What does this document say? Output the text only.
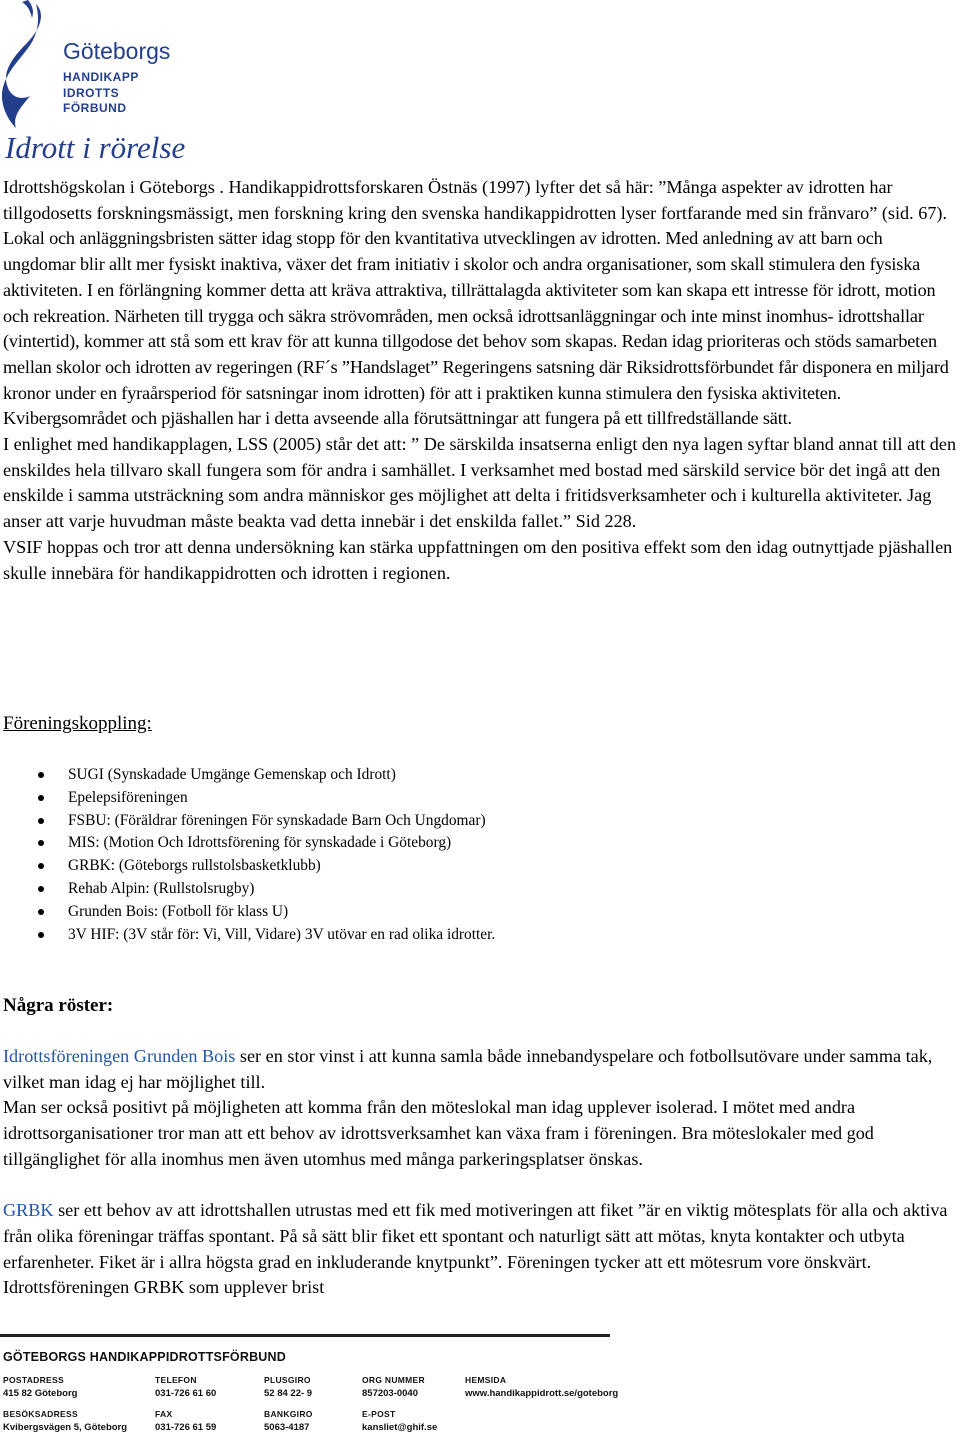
Göteborgs
HANDIKAPP
IDROTTS
FÖRBUND
Idrott i rörelse

Idrottshögskolan i Göteborgs . Handikappidrottsforskaren Östnäs (1997) lyfter det så här: ”Många aspekter av idrotten har tillgodosetts forskningsmässigt, men forskning kring den svenska handikappidrotten lyser fortfarande med sin frånvaro” (sid. 67).

Lokal och anläggningsbristen sätter idag stopp för den kvantitativa utvecklingen av idrotten. Med anledning av att barn och ungdomar blir allt mer fysiskt inaktiva, växer det fram initiativ i skolor och andra organisationer, som skall stimulera den fysiska aktiviteten. I en förlängning kommer detta att kräva attraktiva, tillrättalagda aktiviteter som kan skapa ett intresse för idrott, motion och rekreation. Närheten till trygga och säkra strövområden, men också idrottsanläggningar och inte minst inomhus- idrottshallar (vintertid), kommer att stå som ett krav för att kunna tillgodose det behov som skapas. Redan idag prioriteras och stöds samarbeten mellan skolor och idrotten av regeringen (RF´s ”Handslaget” Regeringens satsning där Riksidrottsförbundet får disponera en miljard kronor under en fyraårsperiod för satsningar inom idrotten) för att i praktiken kunna stimulera den fysiska aktiviteten. Kvibergsområdet och pjäshallen har i detta avseende alla förutsättningar att fungera på ett tillfredställande sätt.

I enlighet med handikapplagen, LSS (2005) står det att: ” De särskilda insatserna enligt den nya lagen syftar bland annat till att den enskildes hela tillvaro skall fungera som för andra i samhället. I verksamhet med bostad med särskild service bör det ingå att den enskilde i samma utsträckning som andra människor ges möjlighet att delta i fritidsverksamheter och i kulturella aktiviteter. Jag anser att varje huvudman måste beakta vad detta innebär i det enskilda fallet.” Sid 228.

VSIF hoppas och tror att denna undersökning kan stärka uppfattningen om den positiva effekt som den idag outnyttjade pjäshallen skulle innebära för handikappidrotten och idrotten i regionen.

Föreningskoppling:
SUGI (Synskadade Umgänge Gemenskap och Idrott)
Epelepsiföreningen
FSBU: (Föräldrar föreningen För synskadade Barn Och Ungdomar)
MIS: (Motion Och Idrottsförening för synskadade i Göteborg)
GRBK: (Göteborgs rullstolsbasketklubb)
Rehab Alpin: (Rullstolsrugby)
Grunden Bois: (Fotboll för klass U)
3V HIF: (3V står för: Vi, Vill, Vidare) 3V utövar en rad olika idrotter.
Några röster:

Idrottsföreningen Grunden Bois ser en stor vinst i att kunna samla både innebandyspelare och fotbollsutövare under samma tak, vilket man idag ej har möjlighet till.

Man ser också positivt på möjligheten att komma från den möteslokal man idag upplever isolerad. I mötet med andra idrottsorganisationer tror man att ett behov av idrottsverksamhet kan växa fram i föreningen. Bra möteslokaler med god tillgänglighet för alla inomhus men även utomhus med många parkeringsplatser önskas.

GRBK ser ett behov av att idrottshallen utrustas med ett fik med motiveringen att fiket ”är en viktig mötesplats för alla och aktiva från olika föreningar träffas spontant. På så sätt blir fiket ett spontant och naturligt sätt att mötas, knyta kontakter och utbyta erfarenheter. Fiket är i allra högsta grad en inkluderande knytpunkt”. Föreningen tycker att ett mötesrum vore önskvärt. Idrottsföreningen GRBK som upplever brist

GÖTEBORGS HANDIKAPPIDROTTSFÖRBUND
POSTADRESS
415 82 Göteborg
BESÖKSADRESS
Kvibergsvägen 5, Göteborg
TELEFON
031-726 61 60
FAX
031-726 61 59
PLUSGIRO
52 84 22- 9
BANKGIRO
5063-4187
ORG NUMMER
857203-0040
E-POST
kansliet@ghif.se
HEMSIDA
www.handikappidrott.se/goteborg
